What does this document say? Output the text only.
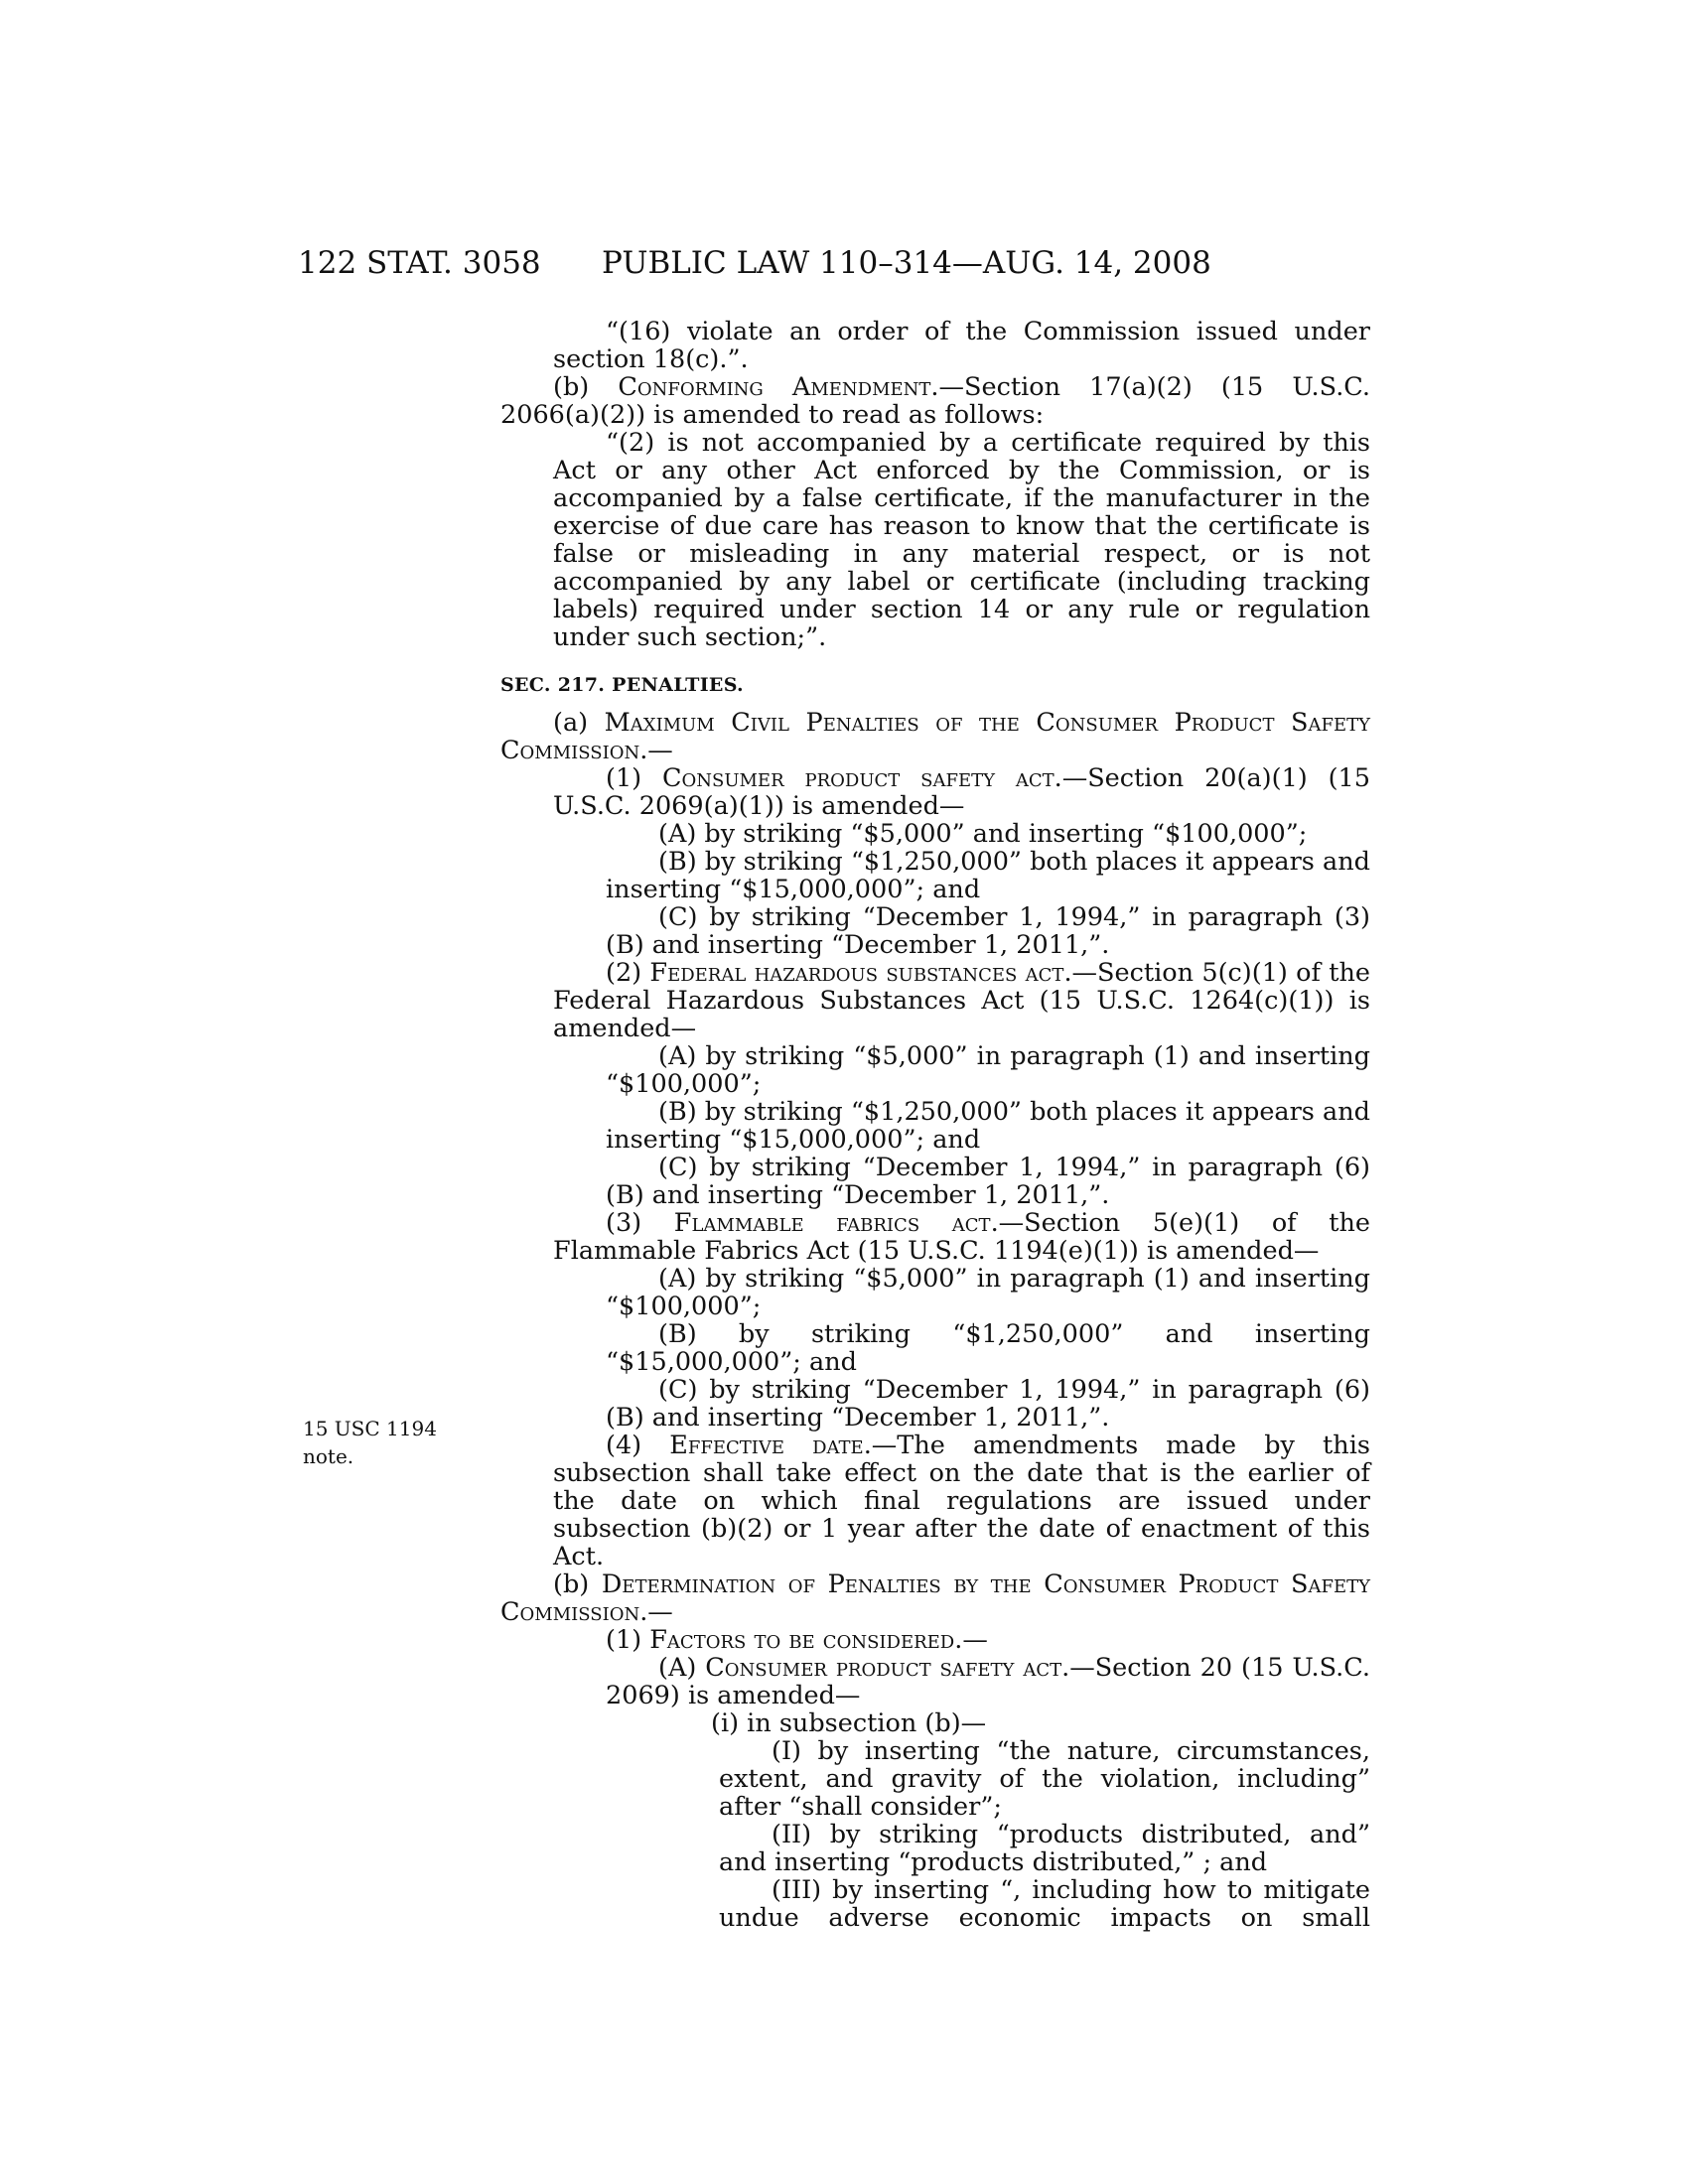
122 STAT. 3058 PUBLIC LAW 110–314—AUG. 14, 2008
15 USC 1194
note.

“(16) violate an order of the Commission issued under section 18(c).”.

(b) Conforming Amendment.—Section 17(a)(2) (15 U.S.C. 2066(a)(2)) is amended to read as follows:

“(2) is not accompanied by a certificate required by this Act or any other Act enforced by the Commission, or is accompanied by a false certificate, if the manufacturer in the exercise of due care has reason to know that the certificate is false or misleading in any material respect, or is not accompanied by any label or certificate (including tracking labels) required under section 14 or any rule or regulation under such section;”.

SEC. 217. PENALTIES.

(a) Maximum Civil Penalties of the Consumer Product Safety Commission.—

(1) Consumer product safety act.—Section 20(a)(1) (15 U.S.C. 2069(a)(1)) is amended—

(A) by striking “$5,000” and inserting “$100,000”;

(B) by striking “$1,250,000” both places it appears and inserting “$15,000,000”; and

(C) by striking “December 1, 1994,” in paragraph (3)(B) and inserting “December 1, 2011,”.

(2) Federal hazardous substances act.—Section 5(c)(1) of the Federal Hazardous Substances Act (15 U.S.C. 1264(c)(1)) is amended—

(A) by striking “$5,000” in paragraph (1) and inserting “$100,000”;

(B) by striking “$1,250,000” both places it appears and inserting “$15,000,000”; and

(C) by striking “December 1, 1994,” in paragraph (6)(B) and inserting “December 1, 2011,”.

(3) Flammable fabrics act.—Section 5(e)(1) of the Flammable Fabrics Act (15 U.S.C. 1194(e)(1)) is amended—

(A) by striking “$5,000” in paragraph (1) and inserting “$100,000”;

(B) by striking “$1,250,000” and inserting “$15,000,000”; and

(C) by striking “December 1, 1994,” in paragraph (6)(B) and inserting “December 1, 2011,”.

(4) Effective date.—The amendments made by this subsection shall take effect on the date that is the earlier of the date on which final regulations are issued under subsection (b)(2) or 1 year after the date of enactment of this Act.

(b) Determination of Penalties by the Consumer Product Safety Commission.—

(1) Factors to be considered.—

(A) Consumer product safety act.—Section 20 (15 U.S.C. 2069) is amended—

(i) in subsection (b)—

(I) by inserting “the nature, circumstances, extent, and gravity of the violation, including” after “shall consider”;

(II) by striking “products distributed, and” and inserting “products distributed,” ; and

(III) by inserting “, including how to mitigate undue adverse economic impacts on small
